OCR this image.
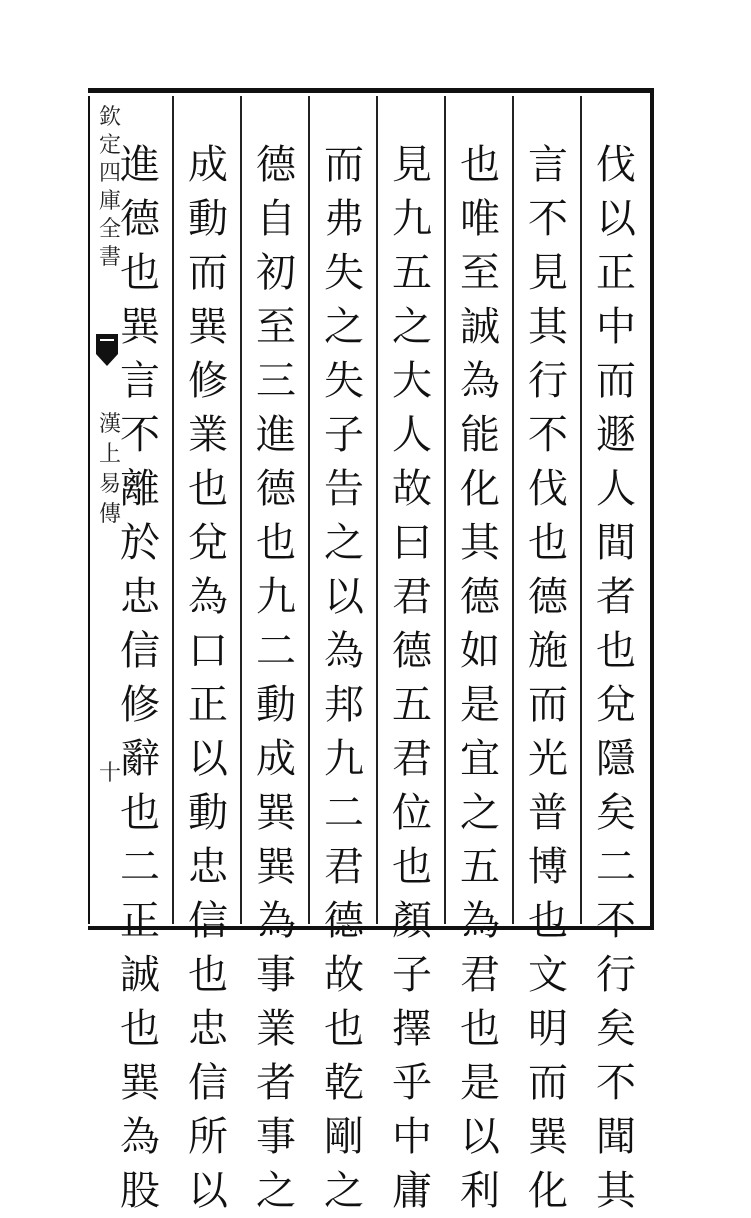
欽定四庫全書
漢上易傳
十
伐以正中而遯人間者也兌隱矣二不行矣不聞其
言不見其行不伐也德施而光普博也文明而巽化
也唯至誠為能化其德如是宜之五為君也是以利
見九五之大人故曰君德五君位也顏子擇乎中庸
而弗失之失子告之以為邦九二君德故也乾剛之
德自初至三進德也九二動成巽巽為事業者事之
成動而巽修業也兌為口正以動忠信也忠信所以
進德也巽言不離於忠信修辭也二正誠也巽為股
